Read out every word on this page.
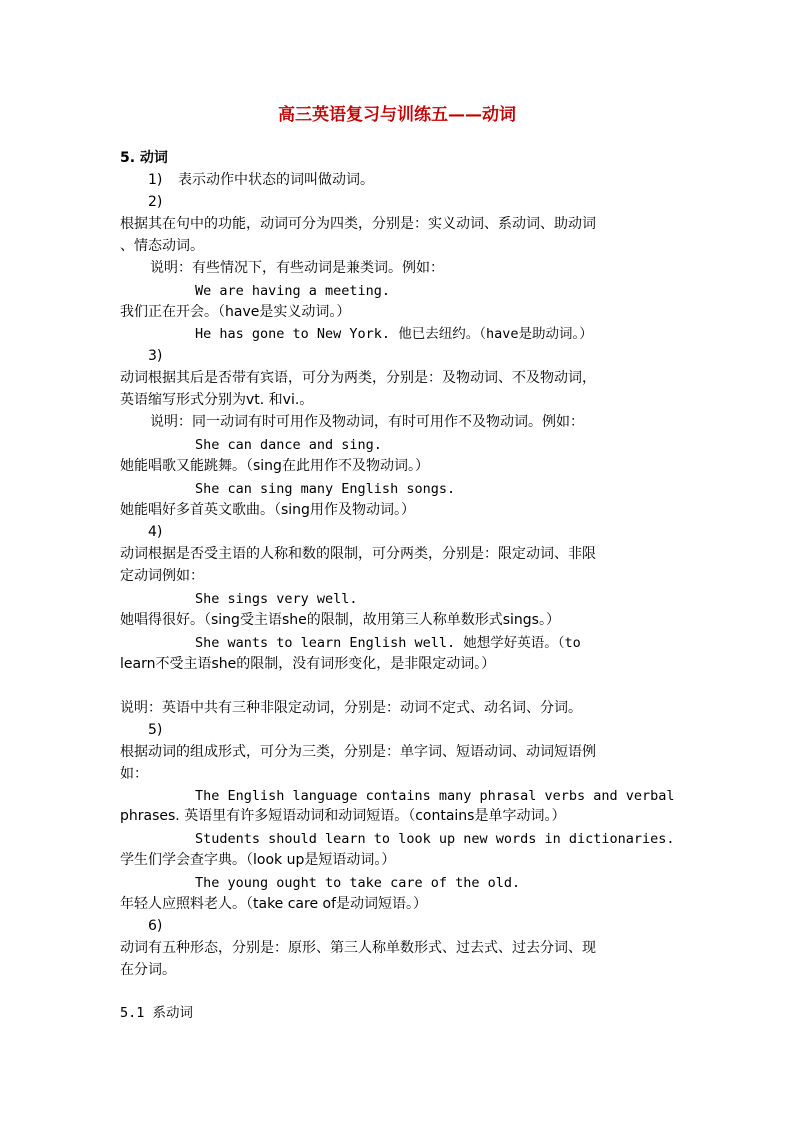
高三英语复习与训练五——动词
5. 动词
1) 表示动作中状态的词叫做动词。
2)
根据其在句中的功能，动词可分为四类，分别是：实义动词、系动词、助动词
、情态动词。
说明：有些情况下，有些动词是兼类词。例如：
We are having a meeting.
我们正在开会。（have是实义动词。）
He has gone to New York. 他已去纽约。（have是助动词。）
3)
动词根据其后是否带有宾语，可分为两类，分别是：及物动词、不及物动词，
英语缩写形式分别为vt. 和vi.。
说明：同一动词有时可用作及物动词，有时可用作不及物动词。例如：
She can dance and sing.
她能唱歌又能跳舞。（sing在此用作不及物动词。）
She can sing many English songs.
她能唱好多首英文歌曲。（sing用作及物动词。）
4)
动词根据是否受主语的人称和数的限制，可分两类，分别是：限定动词、非限
定动词例如：
She sings very well.
她唱得很好。（sing受主语she的限制，故用第三人称单数形式sings。）
She wants to learn English well. 她想学好英语。（to
learn不受主语she的限制，没有词形变化，是非限定动词。）
说明：英语中共有三种非限定动词，分别是：动词不定式、动名词、分词。
5)
根据动词的组成形式，可分为三类，分别是：单字词、短语动词、动词短语例
如：
The English language contains many phrasal verbs and verbal
phrases. 英语里有许多短语动词和动词短语。（contains是单字动词。）
Students should learn to look up new words in dictionaries.
学生们学会查字典。（look up是短语动词。）
The young ought to take care of the old.
年轻人应照料老人。（take care of是动词短语。）
6)
动词有五种形态，分别是：原形、第三人称单数形式、过去式、过去分词、现
在分词。
5.1 系动词
